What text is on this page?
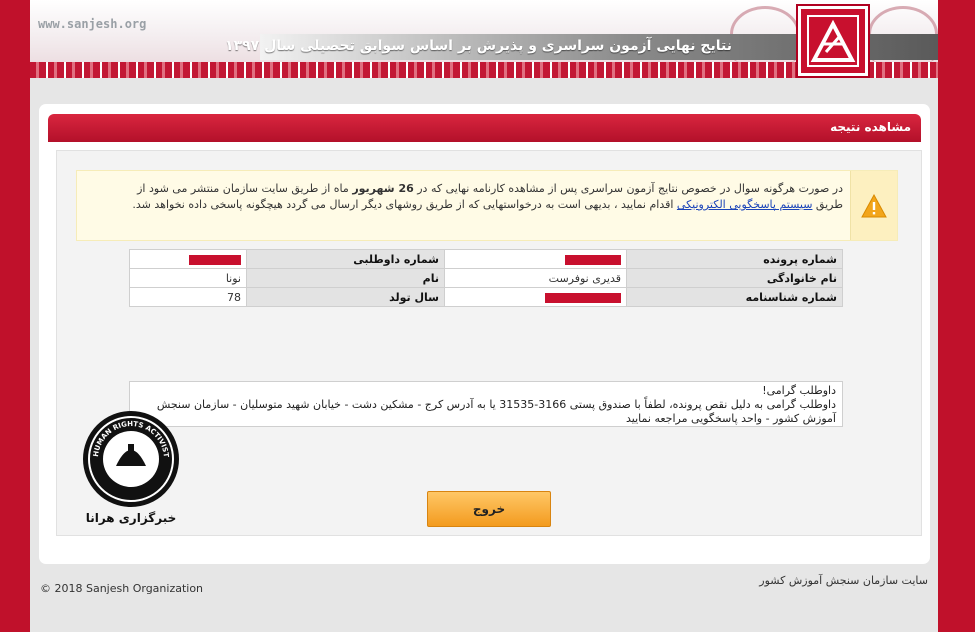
www.sanjesh.org
نتایج نهایی آزمون سراسری و پذیرش بر اساس سوابق تحصیلی سال ۱۳۹۷
مشاهده نتیجه
در صورت هرگونه سوال در خصوص نتایج آزمون سراسری پس از مشاهده کارنامه نهایی که در 26 شهریور ماه از طریق سایت سازمان منتشر می شود از طریق سیستم پاسخگویی الکترونیکی اقدام نمایید ، بدیهی است به درخواستهایی که از طریق روشهای دیگر ارسال می گردد هیچگونه پاسخی داده نخواهد شد.
شماره پرونده		شماره داوطلبی	
نام خانوادگی	قدیری نوفرست	نام	نونا
شماره شناسنامه		سال تولد	78
داوطلب گرامی!
داوطلب گرامی به دلیل نقص پرونده، لطفاً با صندوق پستی 3166-31535 یا به آدرس کرج - مشکین دشت - خیابان شهید متوسلیان - سازمان سنجش آموزش کشور - واحد پاسخگویی مراجعه نمایید
HUMAN RIGHTS ACTIVIST
خبرگزاری هرانا
خروج
© 2018 Sanjesh Organization
سایت سازمان سنجش آموزش کشور
